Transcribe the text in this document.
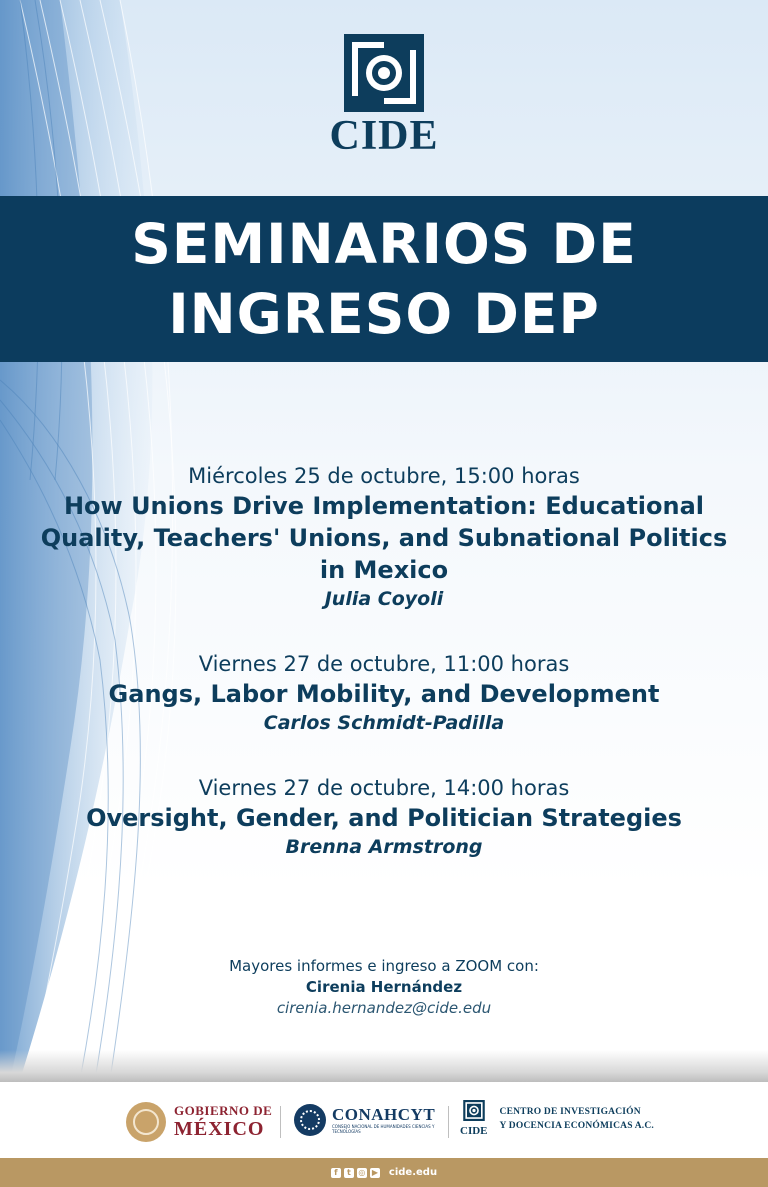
CIDE
SEMINARIOS DE INGRESO DEP
Miércoles 25 de octubre, 15:00 horas
How Unions Drive Implementation: Educational Quality, Teachers' Unions, and Subnational Politics in Mexico
Julia Coyoli
Viernes 27 de octubre, 11:00 horas
Gangs, Labor Mobility, and Development
Carlos Schmidt-Padilla
Viernes 27 de octubre, 14:00 horas
Oversight, Gender, and Politician Strategies
Brenna Armstrong
Mayores informes e ingreso a ZOOM con:
Cirenia Hernández
cirenia.hernandez@cide.edu
GOBIERNO DE
MÉXICO
CONAHCYT
CONSEJO NACIONAL DE HUMANIDADES CIENCIAS Y TECNOLOGÍAS	CIDE
CENTRO DE INVESTIGACIÓN
Y DOCENCIA ECONÓMICAS A.C.
f	t ◎ ▶ cide.edu
